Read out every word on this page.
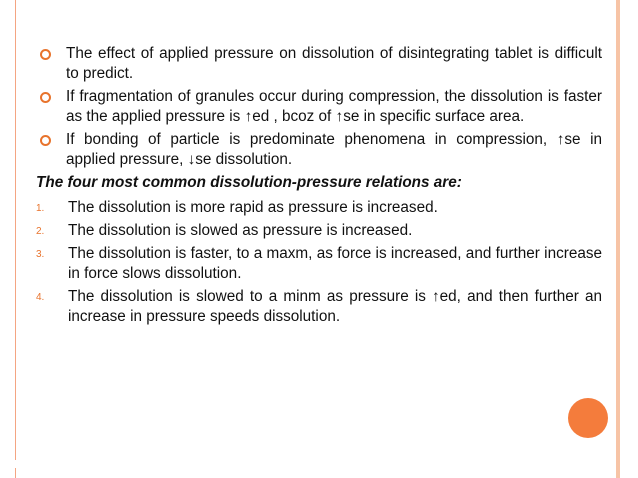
The effect of applied pressure on dissolution of disintegrating tablet is difficult to predict.
If fragmentation of granules occur during compression, the dissolution is faster as the applied pressure is ↑ed , bcoz of ↑se in specific surface area.
If bonding of particle is predominate phenomena in compression, ↑se in applied pressure, ↓se dissolution.
The four most common dissolution-pressure relations are:
1. The dissolution is more rapid as pressure is increased.
2. The dissolution is slowed as pressure is increased.
3. The dissolution is faster, to a maxm, as force is increased, and further increase in force slows dissolution.
4. The dissolution is slowed to a minm as pressure is ↑ed, and then further an increase in pressure speeds dissolution.
